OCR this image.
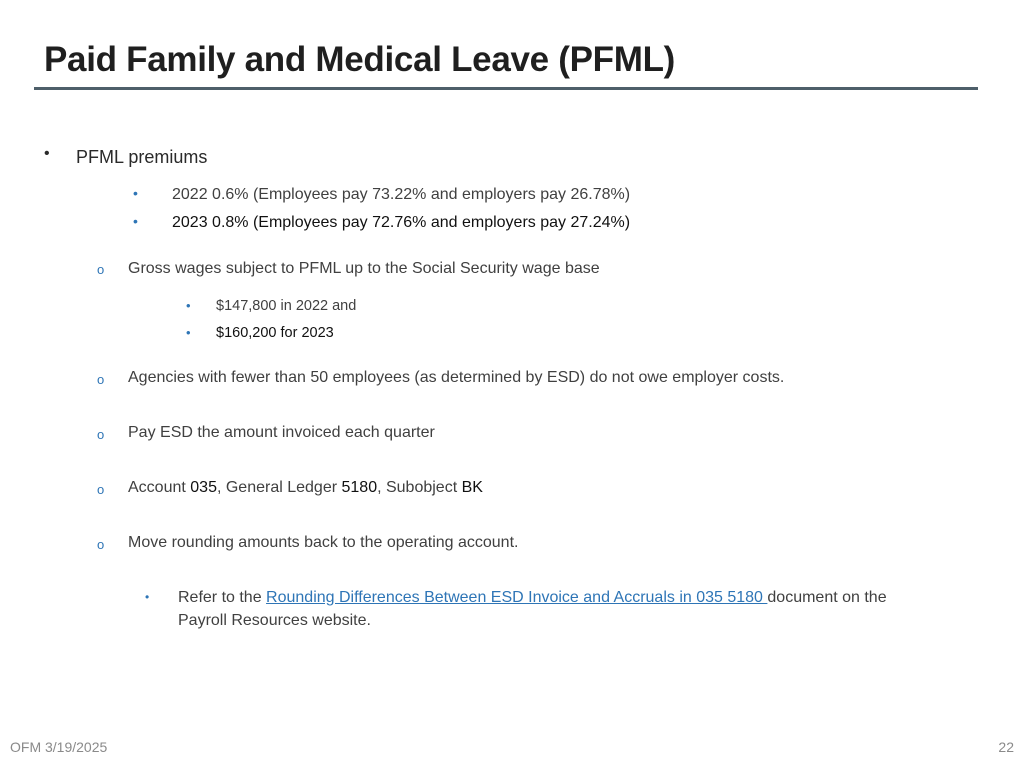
Paid Family and Medical Leave (PFML)
• PFML premiums
• 2022 0.6% (Employees pay 73.22% and employers pay 26.78%)
• 2023 0.8% (Employees pay 72.76% and employers pay 27.24%)
o Gross wages subject to PFML up to the Social Security wage base
• $147,800 in 2022 and
• $160,200 for 2023
o Agencies with fewer than 50 employees (as determined by ESD) do not owe employer costs.
o Pay ESD the amount invoiced each quarter
o Account 035, General Ledger 5180, Subobject BK
o Move rounding amounts back to the operating account.
• Refer to the Rounding Differences Between ESD Invoice and Accruals in 035 5180 document on the
Payroll Resources website.
OFM 3/19/2025	22
